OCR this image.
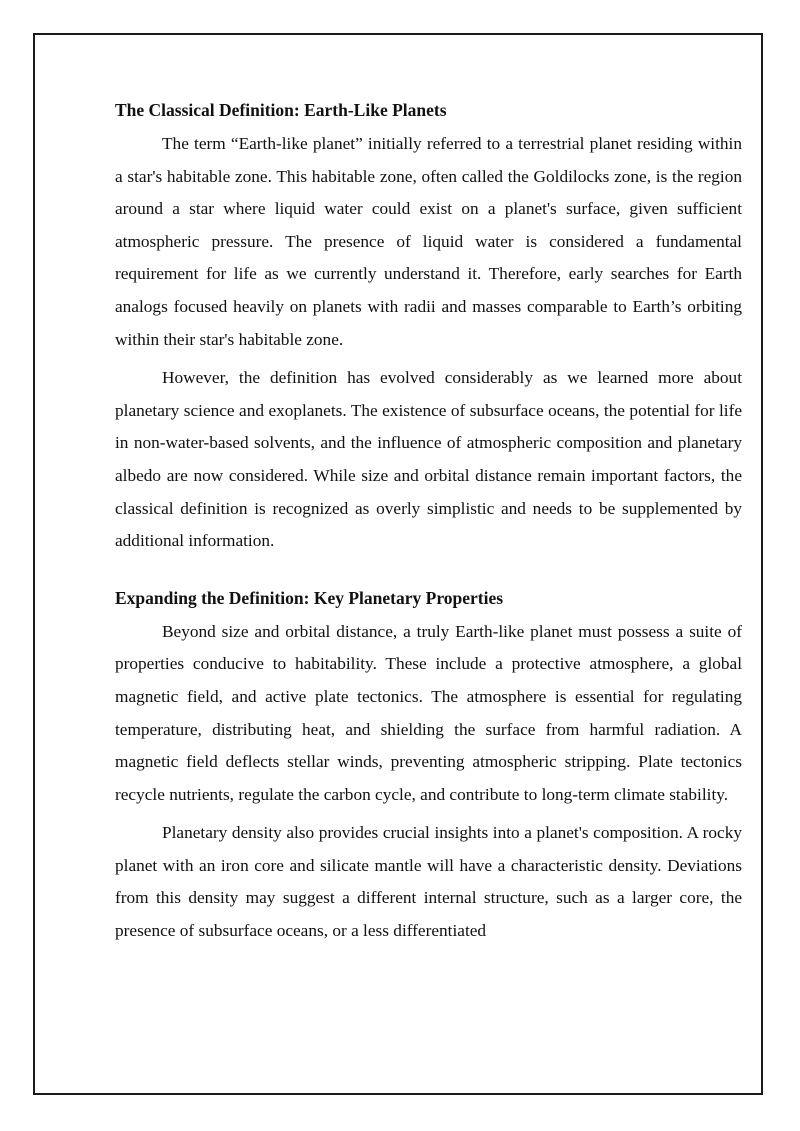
The Classical Definition: Earth-Like Planets

The term “Earth-like planet” initially referred to a terrestrial planet residing within a star's habitable zone. This habitable zone, often called the Goldilocks zone, is the region around a star where liquid water could exist on a planet's surface, given sufficient atmospheric pressure. The presence of liquid water is considered a fundamental requirement for life as we currently understand it. Therefore, early searches for Earth analogs focused heavily on planets with radii and masses comparable to Earth’s orbiting within their star's habitable zone.

However, the definition has evolved considerably as we learned more about planetary science and exoplanets. The existence of subsurface oceans, the potential for life in non-water-based solvents, and the influence of atmospheric composition and planetary albedo are now considered. While size and orbital distance remain important factors, the classical definition is recognized as overly simplistic and needs to be supplemented by additional information.

Expanding the Definition: Key Planetary Properties

Beyond size and orbital distance, a truly Earth-like planet must possess a suite of properties conducive to habitability. These include a protective atmosphere, a global magnetic field, and active plate tectonics. The atmosphere is essential for regulating temperature, distributing heat, and shielding the surface from harmful radiation. A magnetic field deflects stellar winds, preventing atmospheric stripping. Plate tectonics recycle nutrients, regulate the carbon cycle, and contribute to long-term climate stability.

Planetary density also provides crucial insights into a planet's composition. A rocky planet with an iron core and silicate mantle will have a characteristic density. Deviations from this density may suggest a different internal structure, such as a larger core, the presence of subsurface oceans, or a less differentiated
